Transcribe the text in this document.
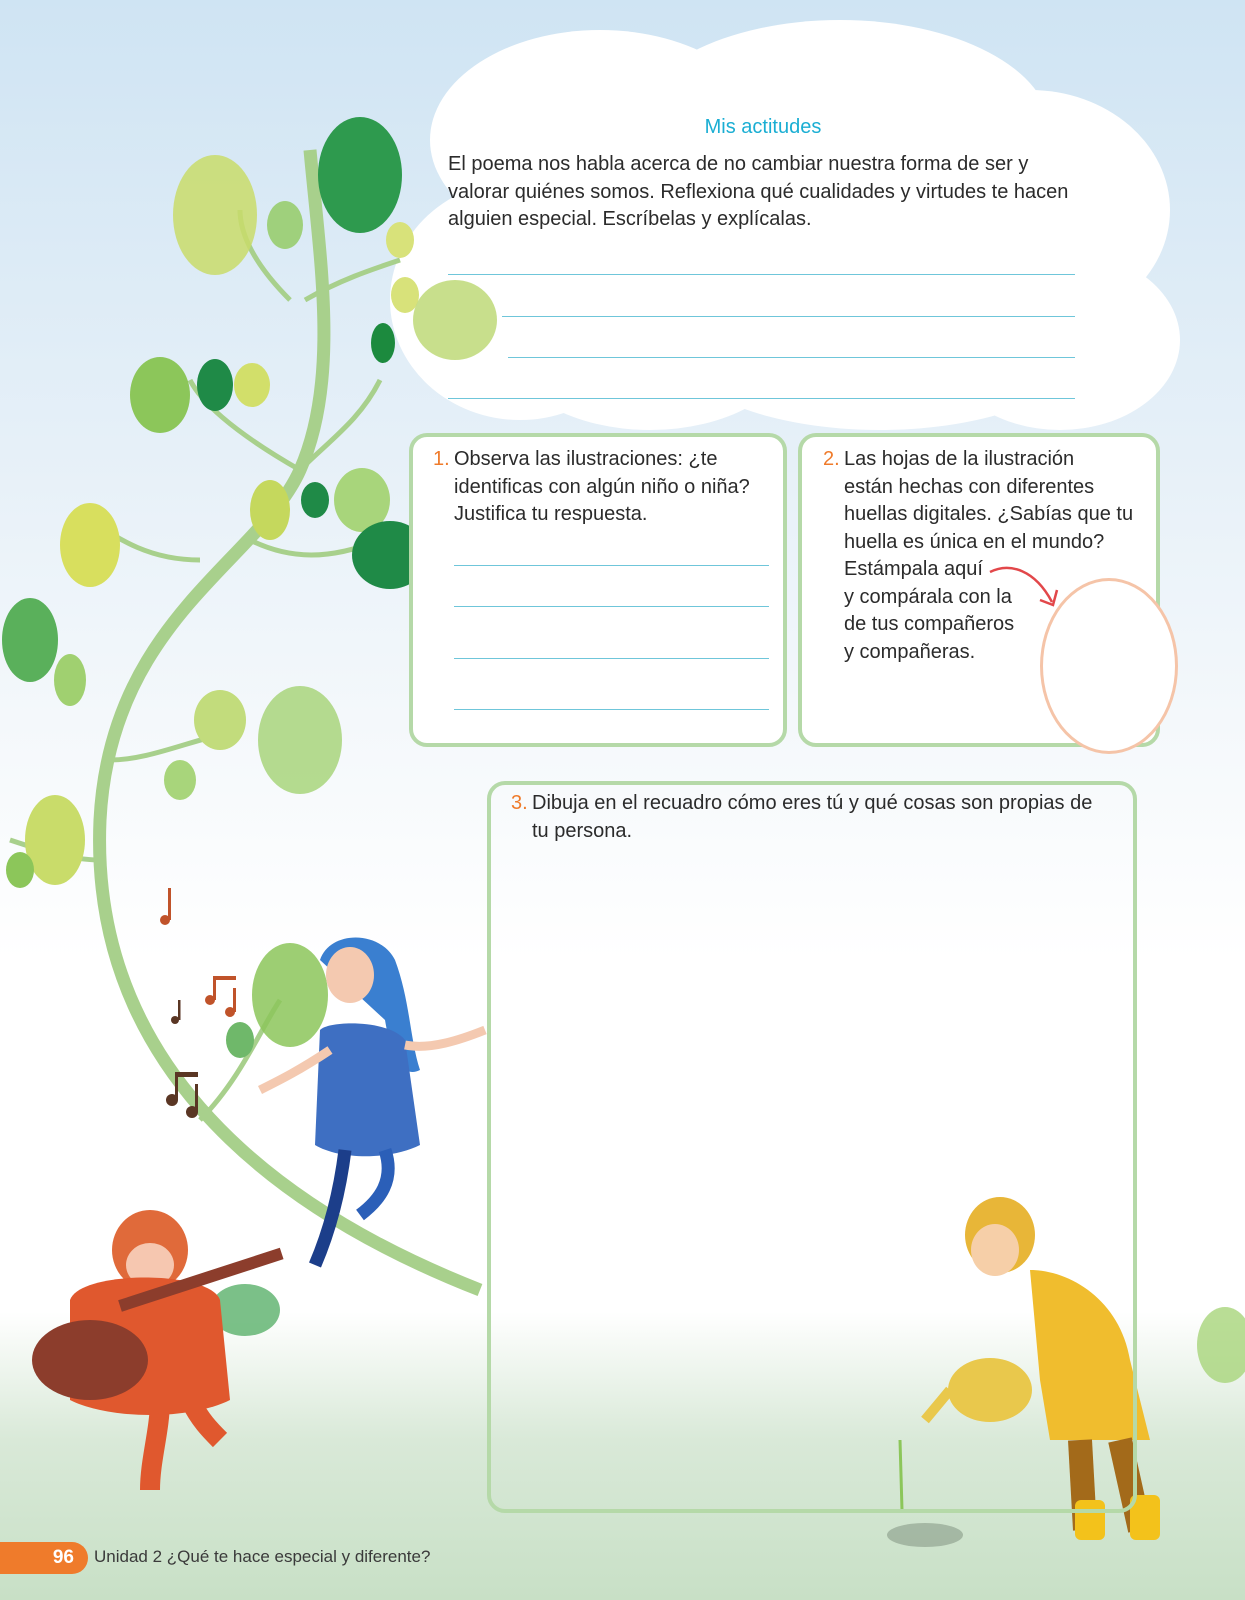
Mis actitudes

El poema nos habla acerca de no cambiar nuestra forma de ser y valorar quiénes somos. Reflexiona qué cualidades y virtudes te hacen alguien especial. Escríbelas y explícalas.

1. Observa las ilustraciones: ¿te identificas con algún niño o niña? Justifica tu respuesta.

2. Las hojas de la ilustración
están hechas con diferentes
huellas digitales. ¿Sabías que tu
huella es única en el mundo?
Estámpala aquí
y compárala con la
de tus compañeros
y compañeras.

3. Dibuja en el recuadro cómo eres tú y qué cosas son propias de tu persona.

96	Unidad 2 ¿Qué te hace especial y diferente?
